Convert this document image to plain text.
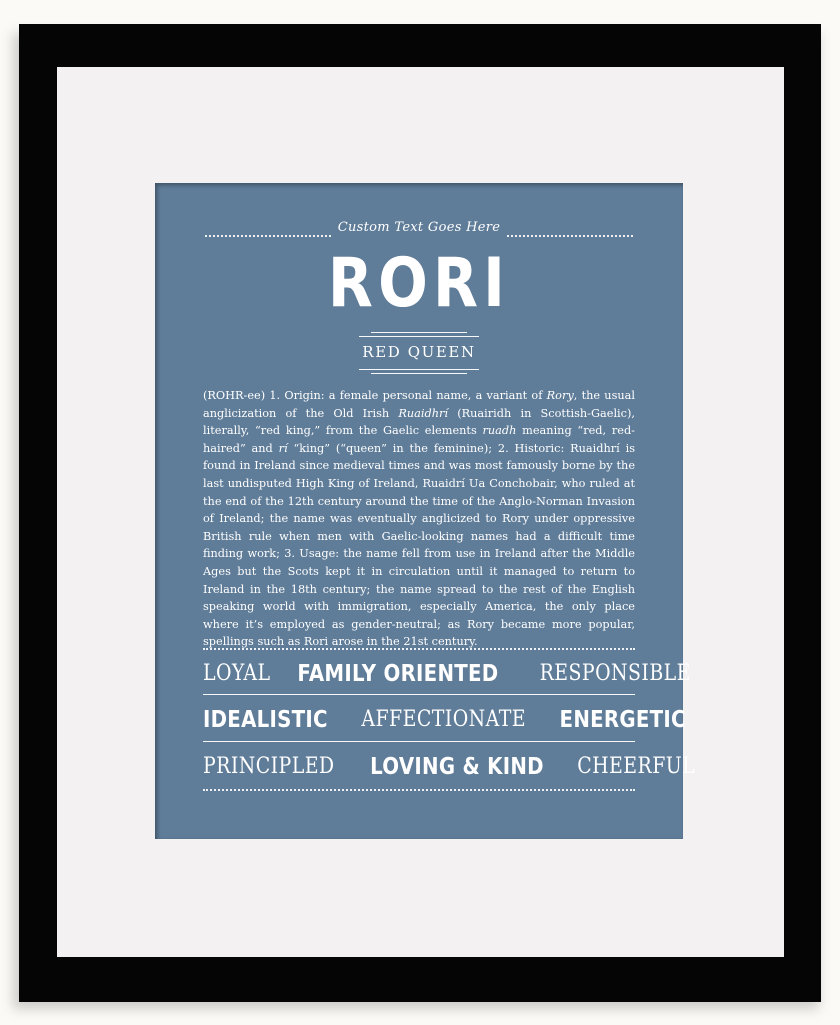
Custom Text Goes Here
RORI
RED QUEEN
(ROHR-ee) 1. Origin: a female personal name, a variant of Rory, the usual anglicization of the Old Irish Ruaidhrí (Ruairidh in Scottish-Gaelic), literally, “red king,” from the Gaelic elements ruadh meaning “red, red-haired” and rí “king” (“queen” in the feminine); 2. Historic: Ruaidhrí is found in Ireland since medieval times and was most famously borne by the last undisputed High King of Ireland, Ruaidrí Ua Conchobair, who ruled at the end of the 12th century around the time of the Anglo-Norman Invasion of Ireland; the name was eventually anglicized to Rory under oppressive British rule when men with Gaelic-looking names had a difficult time finding work; 3. Usage: the name fell from use in Ireland after the Middle Ages but the Scots kept it in circulation until it managed to return to Ireland in the 18th century; the name spread to the rest of the English speaking world with immigration, especially America, the only place where it’s employed as gender-neutral; as Rory became more popular, spellings such as Rori arose in the 21st century.
LOYAL FAMILY ORIENTED RESPONSIBLE
IDEALISTIC AFFECTIONATE ENERGETIC
PRINCIPLED LOVING & KIND CHEERFUL
